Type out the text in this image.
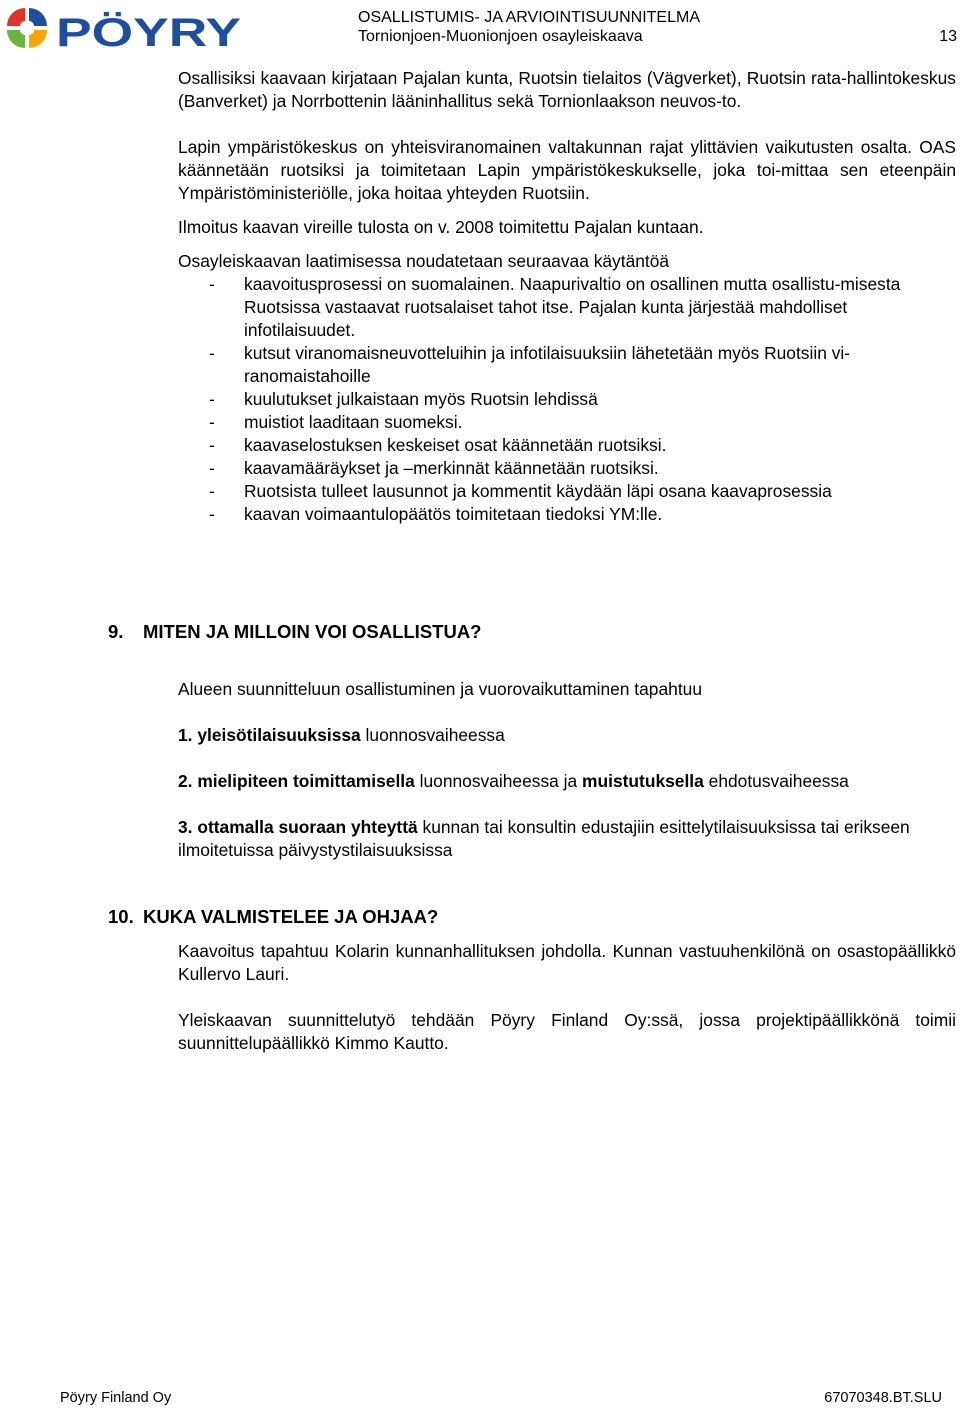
PÖYRY	OSALLISTUMIS- JA ARVIOINTISUUNNITELMA
Tornionjoen-Muonionjoen osayleiskaava	13

Osallisiksi kaavaan kirjataan Pajalan kunta, Ruotsin tielaitos (Vägverket), Ruotsin rata-hallintokeskus (Banverket) ja Norrbottenin lääninhallitus sekä Tornionlaakson neuvos-to.

Lapin ympäristökeskus on yhteisviranomainen valtakunnan rajat ylittävien vaikutusten osalta. OAS käännetään ruotsiksi ja toimitetaan Lapin ympäristökeskukselle, joka toi-mittaa sen eteenpäin Ympäristöministeriölle, joka hoitaa yhteyden Ruotsiin.

Ilmoitus kaavan vireille tulosta on v. 2008 toimitettu Pajalan kuntaan.

Osayleiskaavan laatimisessa noudatetaan seuraavaa käytäntöä

- kaavoitusprosessi on suomalainen. Naapurivaltio on osallinen mutta osallistu-misesta Ruotsissa vastaavat ruotsalaiset tahot itse. Pajalan kunta järjestää mahdolliset infotilaisuudet.
- kutsut viranomaisneuvotteluihin ja infotilaisuuksiin lähetetään myös Ruotsiin vi-ranomaistahoille
- kuulutukset julkaistaan myös Ruotsin lehdissä
- muistiot laaditaan suomeksi.
- kaavaselostuksen keskeiset osat käännetään ruotsiksi.
- kaavamääräykset ja –merkinnät käännetään ruotsiksi.
- Ruotsista tulleet lausunnot ja kommentit käydään läpi osana kaavaprosessia
- kaavan voimaantulopäätös toimitetaan tiedoksi YM:lle.
9. MITEN JA MILLOIN VOI OSALLISTUA?

Alueen suunnitteluun osallistuminen ja vuorovaikuttaminen tapahtuu

1. yleisötilaisuuksissa luonnosvaiheessa

2. mielipiteen toimittamisella luonnosvaiheessa ja muistutuksella ehdotusvaiheessa

3. ottamalla suoraan yhteyttä kunnan tai konsultin edustajiin esittelytilaisuuksissa tai erikseen ilmoitetuissa päivystystilaisuuksissa

10. KUKA VALMISTELEE JA OHJAA?

Kaavoitus tapahtuu Kolarin kunnanhallituksen johdolla. Kunnan vastuuhenkilönä on osastopäällikkö Kullervo Lauri.

Yleiskaavan suunnittelutyö tehdään Pöyry Finland Oy:ssä, jossa projektipäällikkönä toimii suunnittelupäällikkö Kimmo Kautto.

Pöyry Finland Oy	67070348.BT.SLU
